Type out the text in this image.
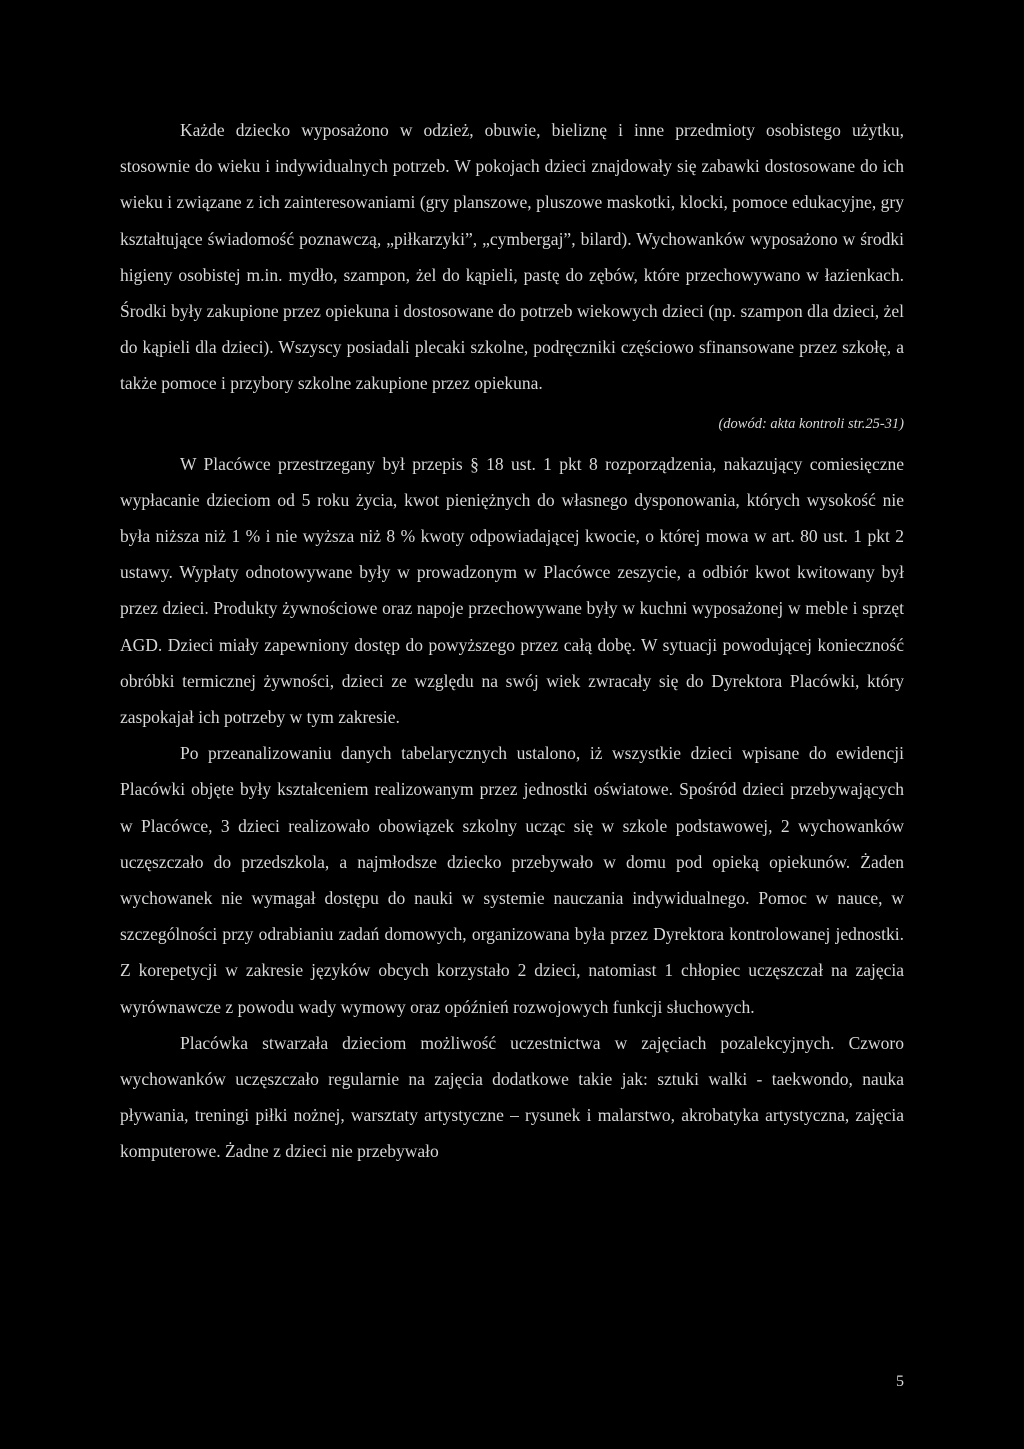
Każde dziecko wyposażono w odzież, obuwie, bieliznę i inne przedmioty osobistego użytku, stosownie do wieku i indywidualnych potrzeb. W pokojach dzieci znajdowały się zabawki dostosowane do ich wieku i związane z ich zainteresowaniami (gry planszowe, pluszowe maskotki, klocki, pomoce edukacyjne, gry kształtujące świadomość poznawczą, „piłkarzyki”, „cymbergaj”, bilard). Wychowanków wyposażono w środki higieny osobistej m.in. mydło, szampon, żel do kąpieli, pastę do zębów, które przechowywano w łazienkach. Środki były zakupione przez opiekuna i dostosowane do potrzeb wiekowych dzieci (np. szampon dla dzieci, żel do kąpieli dla dzieci). Wszyscy posiadali plecaki szkolne, podręczniki częściowo sfinansowane przez szkołę, a także pomoce i przybory szkolne zakupione przez opiekuna.

(dowód: akta kontroli str.25-31)

W Placówce przestrzegany był przepis § 18 ust. 1 pkt 8 rozporządzenia, nakazujący comiesięczne wypłacanie dzieciom od 5 roku życia, kwot pieniężnych do własnego dysponowania, których wysokość nie była niższa niż 1 % i nie wyższa niż 8 % kwoty odpowiadającej kwocie, o której mowa w art. 80 ust. 1 pkt 2 ustawy. Wypłaty odnotowywane były w prowadzonym w Placówce zeszycie, a odbiór kwot kwitowany był przez dzieci. Produkty żywnościowe oraz napoje przechowywane były w kuchni wyposażonej w meble i sprzęt AGD. Dzieci miały zapewniony dostęp do powyższego przez całą dobę. W sytuacji powodującej konieczność obróbki termicznej żywności, dzieci ze względu na swój wiek zwracały się do Dyrektora Placówki, który zaspokajał ich potrzeby w tym zakresie.

Po przeanalizowaniu danych tabelarycznych ustalono, iż wszystkie dzieci wpisane do ewidencji Placówki objęte były kształceniem realizowanym przez jednostki oświatowe. Spośród dzieci przebywających w Placówce, 3 dzieci realizowało obowiązek szkolny ucząc się w szkole podstawowej, 2 wychowanków uczęszczało do przedszkola, a najmłodsze dziecko przebywało w domu pod opieką opiekunów. Żaden wychowanek nie wymagał dostępu do nauki w systemie nauczania indywidualnego. Pomoc w nauce, w szczególności przy odrabianiu zadań domowych, organizowana była przez Dyrektora kontrolowanej jednostki. Z korepetycji w zakresie języków obcych korzystało 2 dzieci, natomiast 1 chłopiec uczęszczał na zajęcia wyrównawcze z powodu wady wymowy oraz opóźnień rozwojowych funkcji słuchowych.

Placówka stwarzała dzieciom możliwość uczestnictwa w zajęciach pozalekcyjnych. Czworo wychowanków uczęszczało regularnie na zajęcia dodatkowe takie jak: sztuki walki - taekwondo, nauka pływania, treningi piłki nożnej, warsztaty artystyczne – rysunek i malarstwo, akrobatyka artystyczna, zajęcia komputerowe. Żadne z dzieci nie przebywało

5
